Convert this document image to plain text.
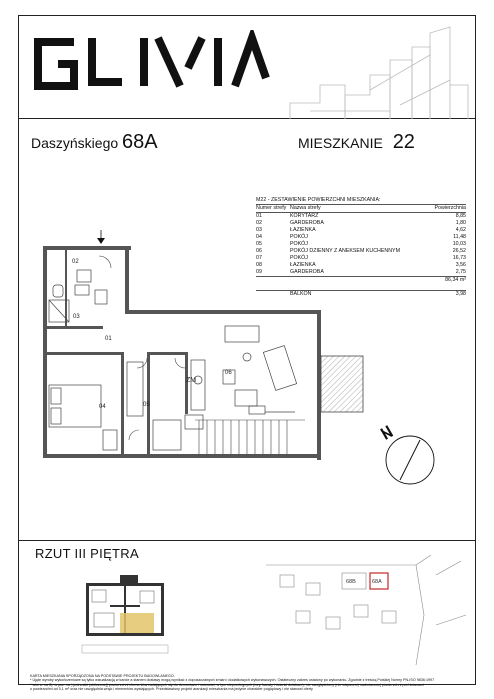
Daszyńskiego 68A	MIESZKANIE 22
M22 - ZESTAWIENIE POWIERZCHNI MIESZKANIA:
Numer strefy Nazwa strefy	Powierzchnia
01	KORYTARZ	8,85
02	GARDEROBA	1,80
03	ŁAZIENKA	4,62
04	POKÓJ	11,48
05	POKÓJ	10,03
06	POKÓJ DZIENNY Z ANEKSEM KUCHENNYM	26,52
07	POKÓJ	16,73
08	ŁAZIENKA	3,56
09	GARDEROBA	2,75
86,34 m²
BALKON	3,98
02
03
01
04	05
06
ZM
RZUT III PIĘTRA
68B	68A
KARTA MIESZKANIA SPORZĄDZONA NA PODSTAWIE PROJEKTU BUDOWLANEGO.
* Ujęte wyroby wykończeniowe są tylko wizualizacją w karcie a stanem dostawy mogą wynikać z dopuszczalnych zmian i dodatkowych wykonawczych. Ostateczny zakres ustalony po wykonaniu. Zgodnie z treścią Polskiej Normy PN-ISO 9836:1997
* w/w u. na 3). w poz. na ) jednostki (obliczonej) powierzchni elementów nadających się do demontażu i nośności, w tym nieprzelegnych (rury, kanały i ścianki działowe), nie uwzględniony (nie włączono) nadmiarowej powierzchni pod ścianami
o powierzchni od 0,1 m² oraz nie uwzględnia wnęk i elementów wystających. Przedstawiony projekt aranżacji mieszkania ma jedynie charakter poglądowy i nie stanowi oferty
